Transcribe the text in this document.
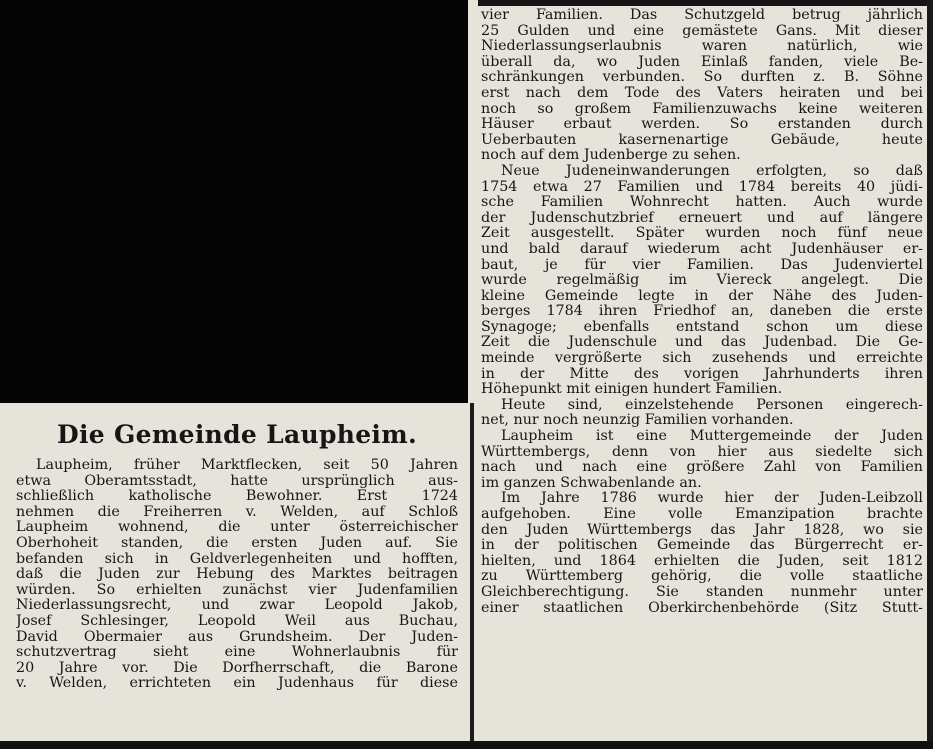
Die Gemeinde Laupheim.
Laupheim, früher Marktflecken, seit 50 Jahren
etwa Oberamtsstadt, hatte ursprünglich aus-
schließlich katholische Bewohner. Erst 1724
nehmen die Freiherren v. Welden, auf Schloß
Laupheim wohnend, die unter österreichischer
Oberhoheit standen, die ersten Juden auf. Sie
befanden sich in Geldverlegenheiten und hofften,
daß die Juden zur Hebung des Marktes beitragen
würden. So erhielten zunächst vier Judenfamilien
Niederlassungsrecht, und zwar Leopold Jakob,
Josef Schlesinger, Leopold Weil aus Buchau,
David Obermaier aus Grundsheim. Der Juden-
schutzvertrag sieht eine Wohnerlaubnis für
20 Jahre vor. Die Dorfherrschaft, die Barone
v. Welden, errichteten ein Judenhaus für diese
vier Familien. Das Schutzgeld betrug jährlich
25 Gulden und eine gemästete Gans. Mit dieser
Niederlassungserlaubnis waren natürlich, wie
überall da, wo Juden Einlaß fanden, viele Be-
schränkungen verbunden. So durften z. B. Söhne
erst nach dem Tode des Vaters heiraten und bei
noch so großem Familienzuwachs keine weiteren
Häuser erbaut werden. So erstanden durch
Ueberbauten kasernenartige Gebäude, heute
noch auf dem Judenberge zu sehen.
Neue Judeneinwanderungen erfolgten, so daß
1754 etwa 27 Familien und 1784 bereits 40 jüdi-
sche Familien Wohnrecht hatten. Auch wurde
der Judenschutzbrief erneuert und auf längere
Zeit ausgestellt. Später wurden noch fünf neue
und bald darauf wiederum acht Judenhäuser er-
baut, je für vier Familien. Das Judenviertel
wurde regelmäßig im Viereck angelegt. Die
kleine Gemeinde legte in der Nähe des Juden-
berges 1784 ihren Friedhof an, daneben die erste
Synagoge; ebenfalls entstand schon um diese
Zeit die Judenschule und das Judenbad. Die Ge-
meinde vergrößerte sich zusehends und erreichte
in der Mitte des vorigen Jahrhunderts ihren
Höhepunkt mit einigen hundert Familien.
Heute sind, einzelstehende Personen eingerech-
net, nur noch neunzig Familien vorhanden.
Laupheim ist eine Muttergemeinde der Juden
Württembergs, denn von hier aus siedelte sich
nach und nach eine größere Zahl von Familien
im ganzen Schwabenlande an.
Im Jahre 1786 wurde hier der Juden-Leibzoll
aufgehoben. Eine volle Emanzipation brachte
den Juden Württembergs das Jahr 1828, wo sie
in der politischen Gemeinde das Bürgerrecht er-
hielten, und 1864 erhielten die Juden, seit 1812
zu Württemberg gehörig, die volle staatliche
Gleichberechtigung. Sie standen nunmehr unter
einer staatlichen Oberkirchenbehörde (Sitz Stutt-
